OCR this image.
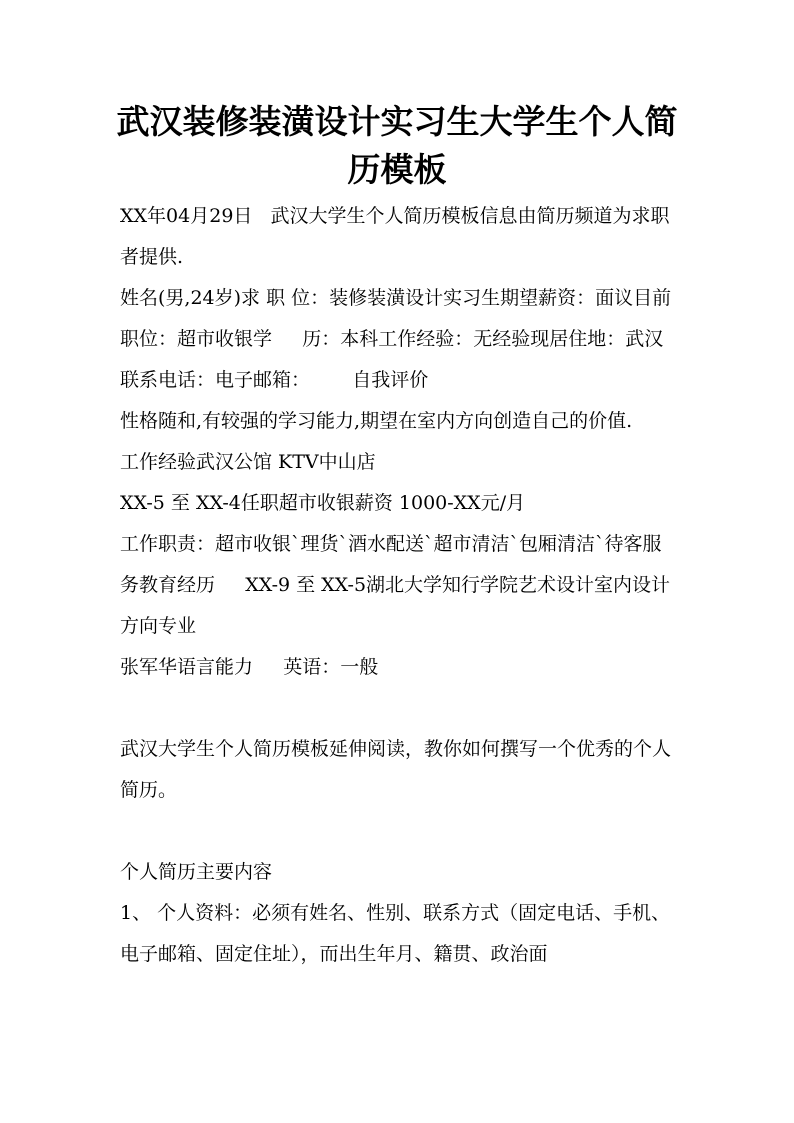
武汉装修装潢设计实习生大学生个人简历模板

XX年04月29日   武汉大学生个人简历模板信息由简历频道为求职者提供.

姓名(男,24岁)求 职 位：装修装潢设计实习生期望薪资：面议目前职位：超市收银学     历：本科工作经验：无经验现居住地：武汉联系电话：电子邮箱：       自我评价

性格随和,有较强的学习能力,期望在室内方向创造自己的价值.

工作经验武汉公馆 KTV中山店

XX-5 至 XX-4任职超市收银薪资 1000-XX元/月

工作职责：超市收银`理货`酒水配送`超市清洁`包厢清洁`待客服务教育经历     XX-9 至 XX-5湖北大学知行学院艺术设计室内设计方向专业

张军华语言能力     英语：一般

武汉大学生个人简历模板延伸阅读，教你如何撰写一个优秀的个人简历。

个人简历主要内容

1、 个人资料：必须有姓名、性别、联系方式（固定电话、手机、电子邮箱、固定住址），而出生年月、籍贯、政治面
